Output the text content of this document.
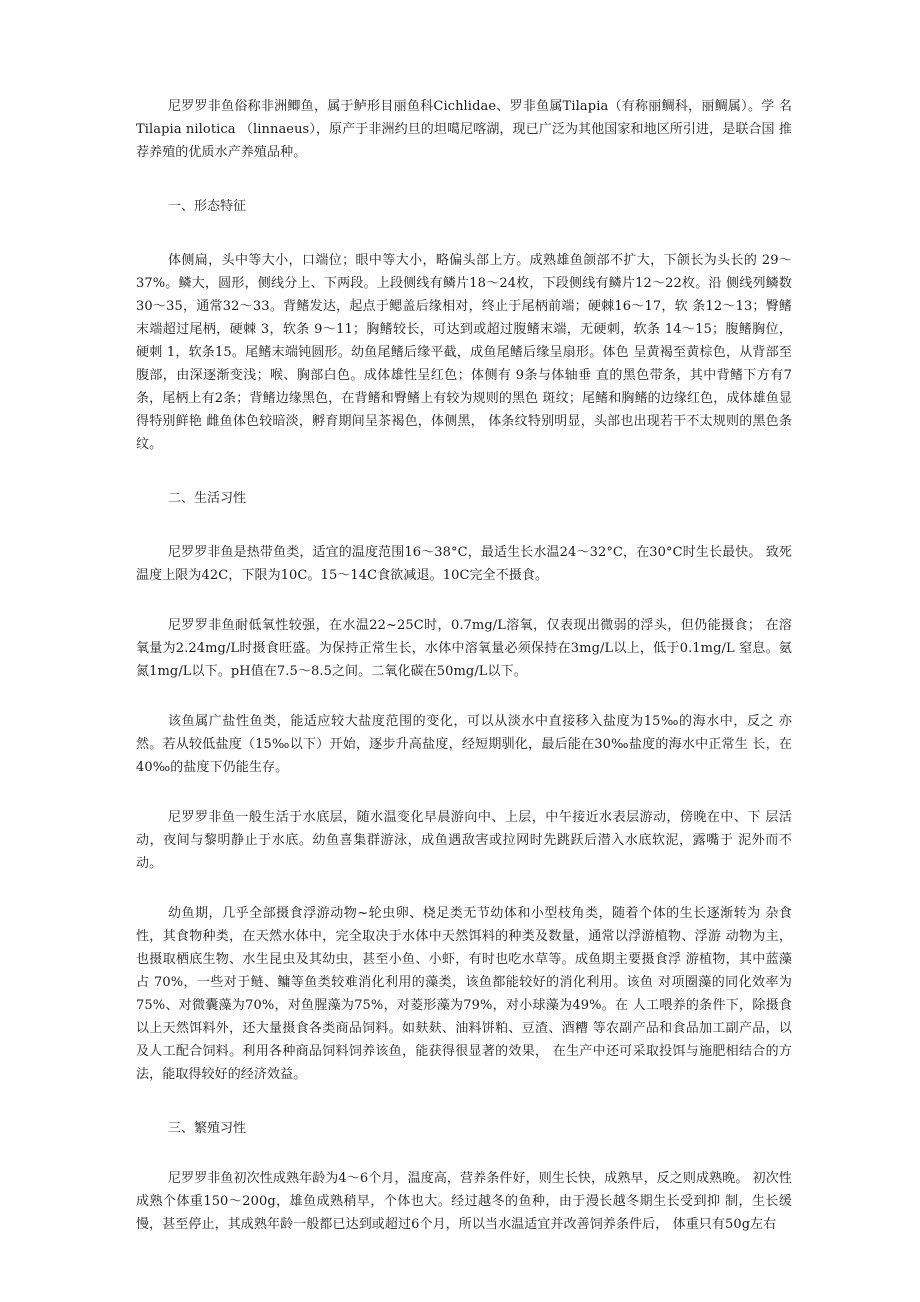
尼罗罗非鱼俗称非洲鲫鱼，属于鲈形目丽鱼科Cichlidae、罗非鱼属Tilapia（有称丽鲷科，丽鲷属）。学 名Tilapia nilotica （linnaeus），原产于非洲约旦的坦噶尼喀湖，现已广泛为其他国家和地区所引进，是联合国 推荐养殖的优质水产养殖品种。

一、形态特征

体侧扁，头中等大小，口端位；眼中等大小，略偏头部上方。成熟雄鱼颌部不扩大，下颌长为头长的 29～37%。鳞大，圆形，侧线分上、下两段。上段侧线有鳞片18～24枚，下段侧线有鳞片12～22枚。沿 侧线列鳞数30～35，通常32～33。背鳍发达，起点于鳃盖后缘相对，终止于尾柄前端；硬棘16～17，软 条12～13；臀鳍末端超过尾柄，硬棘 3，软条 9～11；胸鳍较长，可达到或超过腹鳍末端，无硬刺，软条 14～15；腹鳍胸位，硬刺 1，软条15。尾鳍末端钝圆形。幼鱼尾鳍后缘平截，成鱼尾鳍后缘呈扇形。体色 呈黄褐至黄棕色，从背部至腹部，由深逐渐变浅；喉、胸部白色。成体雄性呈红色；体侧有 9条与体轴垂 直的黑色带条，其中背鳍下方有7条，尾柄上有2条；背鳍边缘黑色，在背鳍和臀鳍上有较为规则的黑色 斑纹；尾鳍和胸鳍的边缘红色，成体雄鱼显得特别鲜艳 雌鱼体色较暗淡，孵育期间呈茶褐色，体侧黑， 体条纹特别明显，头部也出现若干不太规则的黑色条纹。

二、生活习性

尼罗罗非鱼是热带鱼类，适宜的温度范围16～38°C，最适生长水温24～32°C，在30°C时生长最快。 致死温度上限为42C，下限为10C。15～14C食欲减退。10C完全不摄食。

尼罗罗非鱼耐低氧性较强，在水温22~25C时，0.7mg/L溶氧，仅表现出微弱的浮头，但仍能摄食； 在溶氧量为2.24mg/L时摄食旺盛。为保持正常生长，水体中溶氧量必须保持在3mg/L以上，低于0.1mg/L 窒息。氨氮1mg/L以下。pH值在7.5～8.5之间。二氧化碳在50mg/L以下。

该鱼属广盐性鱼类，能适应较大盐度范围的变化，可以从淡水中直接移入盐度为15‰的海水中，反之 亦然。若从较低盐度（15‰以下）开始，逐步升高盐度，经短期驯化，最后能在30‰盐度的海水中正常生 长，在 40‰的盐度下仍能生存。

尼罗罗非鱼一般生活于水底层，随水温变化早晨游向中、上层，中午接近水表层游动，傍晚在中、下 层活动，夜间与黎明静止于水底。幼鱼喜集群游泳，成鱼遇敌害或拉网时先跳跃后潜入水底软泥，露嘴于 泥外而不动。

幼鱼期，几乎全部摄食浮游动物~轮虫卵、桡足类无节幼体和小型枝角类，随着个体的生长逐渐转为 杂食性，其食物种类，在天然水体中，完全取决于水体中天然饵料的种类及数量，通常以浮游植物、浮游 动物为主，也摄取栖底生物、水生昆虫及其幼虫，甚至小鱼、小虾，有时也吃水草等。成鱼期主要摄食浮 游植物，其中蓝藻占 70%，一些对于鲢、鳙等鱼类较难消化利用的藻类，该鱼都能较好的消化利用。该鱼 对项圈藻的同化效率为 75%、对微囊藻为70%，对鱼腥藻为75%，对菱形藻为79%，对小球藻为49%。在 人工喂养的条件下，除摄食以上天然饵料外，还大量摄食各类商品饲料。如麸麸、油料饼粕、豆渣、酒糟 等农副产品和食品加工副产品，以及人工配合饲料。利用各种商品饲料饲养该鱼，能获得很显著的效果， 在生产中还可采取投饵与施肥相结合的方法，能取得较好的经济效益。

三、繁殖习性

尼罗罗非鱼初次性成熟年龄为4～6个月，温度高，营养条件好，则生长快，成熟早，反之则成熟晚。 初次性成熟个体重150～200g，雄鱼成熟稍早，个体也大。经过越冬的鱼种，由于漫长越冬期生长受到抑 制，生长缓慢，甚至停止，其成熟年龄一般都已达到或超过6个月，所以当水温适宜并改善饲养条件后， 体重只有50g左右
